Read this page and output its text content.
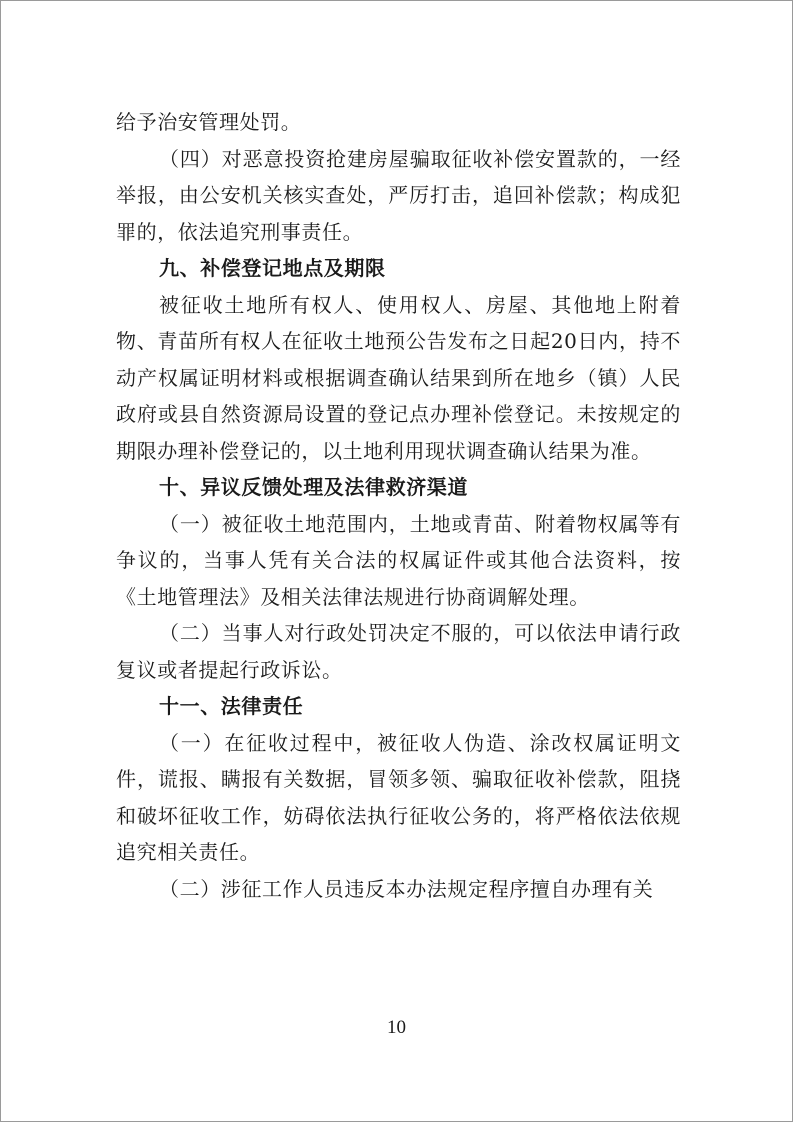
给予治安管理处罚。

（四）对恶意投资抢建房屋骗取征收补偿安置款的，一经举报，由公安机关核实查处，严厉打击，追回补偿款；构成犯罪的，依法追究刑事责任。

九、补偿登记地点及期限

被征收土地所有权人、使用权人、房屋、其他地上附着物、青苗所有权人在征收土地预公告发布之日起20日内，持不动产权属证明材料或根据调查确认结果到所在地乡（镇）人民政府或县自然资源局设置的登记点办理补偿登记。未按规定的期限办理补偿登记的，以土地利用现状调查确认结果为准。

十、异议反馈处理及法律救济渠道

（一）被征收土地范围内，土地或青苗、附着物权属等有争议的，当事人凭有关合法的权属证件或其他合法资料，按《土地管理法》及相关法律法规进行协商调解处理。

（二）当事人对行政处罚决定不服的，可以依法申请行政复议或者提起行政诉讼。

十一、法律责任

（一）在征收过程中，被征收人伪造、涂改权属证明文件，谎报、瞒报有关数据，冒领多领、骗取征收补偿款，阻挠和破坏征收工作，妨碍依法执行征收公务的，将严格依法依规追究相关责任。

（二）涉征工作人员违反本办法规定程序擅自办理有关

10
